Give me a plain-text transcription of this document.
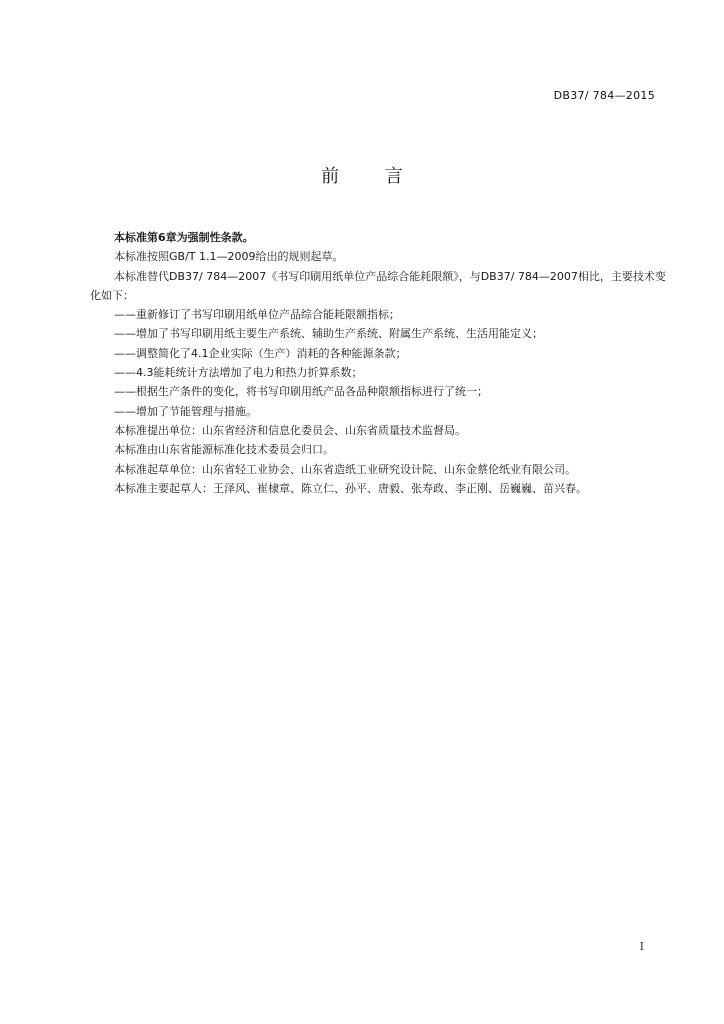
DB37/ 784—2015
前 言

本标准第6章为强制性条款。

本标准按照GB/T 1.1—2009给出的规则起草。

本标准替代DB37/ 784—2007《书写印刷用纸单位产品综合能耗限额》，与DB37/ 784—2007相比，主要技术变化如下：

——重新修订了书写印刷用纸单位产品综合能耗限额指标；

——增加了书写印刷用纸主要生产系统、辅助生产系统、附属生产系统、生活用能定义；

——调整简化了4.1企业实际（生产）消耗的各种能源条款；

——4.3能耗统计方法增加了电力和热力折算系数；

——根据生产条件的变化，将书写印刷用纸产品各品种限额指标进行了统一；

——增加了节能管理与措施。

本标准提出单位：山东省经济和信息化委员会、山东省质量技术监督局。

本标准由山东省能源标准化技术委员会归口。

本标准起草单位：山东省轻工业协会、山东省造纸工业研究设计院、山东金蔡伦纸业有限公司。

本标准主要起草人：王泽风、崔棣章、陈立仁、孙平、唐毅、张寿政、李正刚、岳巍巍、苗兴春。

I
